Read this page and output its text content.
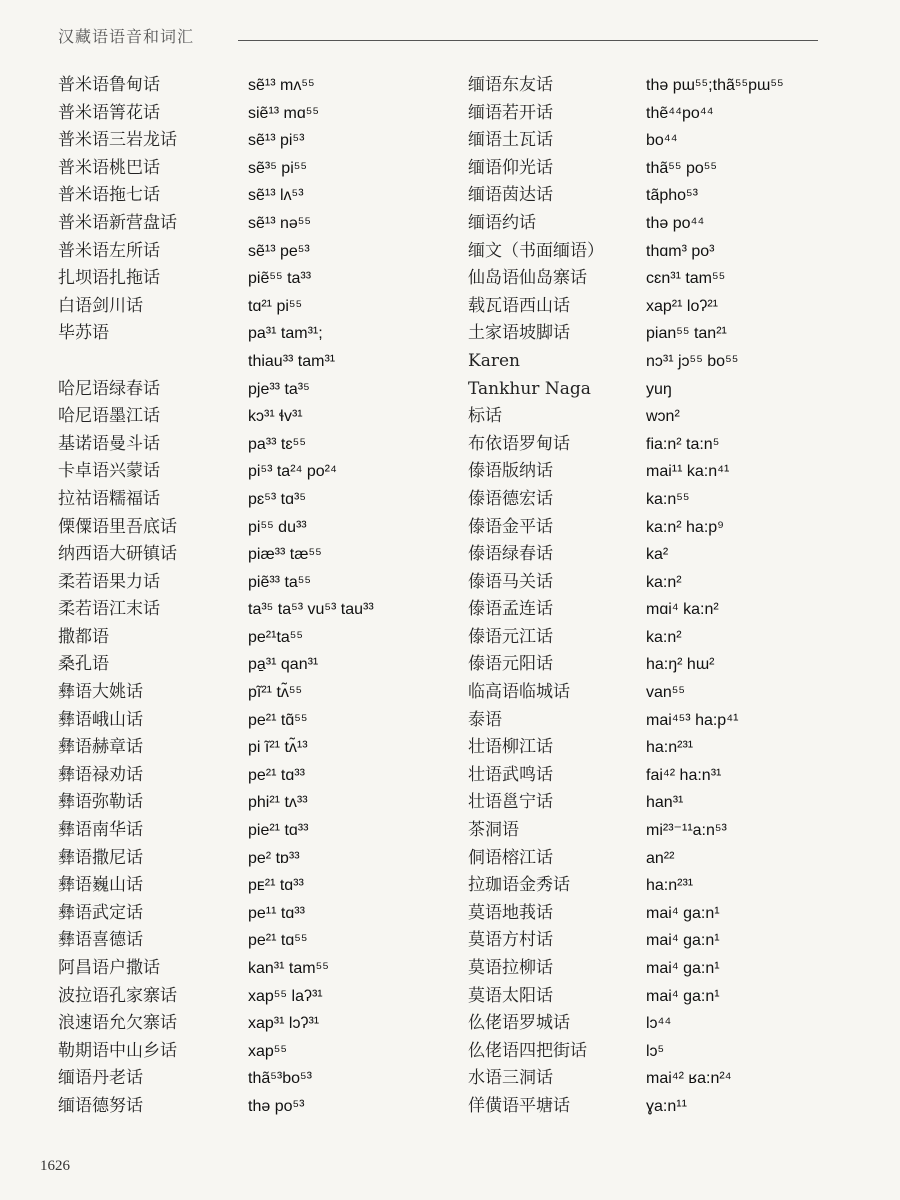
汉藏语语音和词汇
普米语鲁甸话	sẽ¹³ mʌ⁵⁵
普米语箐花话	siẽ¹³ mɑ⁵⁵
普米语三岩龙话	sẽ¹³ pi⁵³
普米语桃巴话	sẽ³⁵ pi⁵⁵
普米语拖七话	sẽ¹³ lʌ⁵³
普米语新营盘话	sẽ¹³ nə⁵⁵
普米语左所话	sẽ¹³ pe⁵³
扎坝语扎拖话	piẽ⁵⁵ ta³³
白语剑川话	tɑ²¹ pi⁵⁵
毕苏语	pa³¹ tam³¹;
thiau³³ tam³¹
哈尼语绿春话	pje³³ ta³⁵
哈尼语墨江话	kɔ³¹ ɬv³¹
基诺语曼斗话	pa³³ tɛ⁵⁵
卡卓语兴蒙话	pi⁵³ ta²⁴ po²⁴
拉祜语糯福话	pɛ⁵³ tɑ³⁵
傈僳语里吾底话	pi⁵⁵ du³³
纳西语大研镇话	piæ³³ tæ⁵⁵
柔若语果力话	piẽ³³ ta⁵⁵
柔若语江末话	ta³⁵ ta⁵³ vu⁵³ tau³³
撒都语	pe²¹ta⁵⁵
桑孔语	pa̱³¹ qan³¹
彝语大姚话	pĩ²¹ tʌ̃⁵⁵
彝语峨山话	pe²¹ tɑ̃⁵⁵
彝语赫章话	pi ĩ²¹ tʌ̃¹³
彝语禄劝话	pe²¹ tɑ³³
彝语弥勒话	phi²¹ tʌ³³
彝语南华话	pie²¹ tɑ³³
彝语撒尼话	pe² tɒ³³
彝语巍山话	pᴇ²¹ tɑ³³
彝语武定话	pe¹¹ tɑ³³
彝语喜德话	pe²¹ tɑ⁵⁵
阿昌语户撒话	kan³¹ tam⁵⁵
波拉语孔家寨话	xap⁵⁵ laʔ³¹
浪速语允欠寨话	xap³¹ lɔʔ³¹
勒期语中山乡话	xap⁵⁵
缅语丹老话	thã⁵³bo⁵³
缅语德努话	thə po⁵³
缅语东友话	thə pɯ⁵⁵;thã⁵⁵pɯ⁵⁵
缅语若开话	thẽ⁴⁴po⁴⁴
缅语土瓦话	bo⁴⁴
缅语仰光话	thã⁵⁵ po⁵⁵
缅语茵达话	tãpho⁵³
缅语约话	thə po⁴⁴
缅文（书面缅语）	thɑm³ po³
仙岛语仙岛寨话	cɛn³¹ tam⁵⁵
载瓦语西山话	xap²¹ loʔ²¹
土家语坡脚话	pian⁵⁵ tan²¹
Karen	nɔ³¹ jɔ⁵⁵ bo⁵⁵
Tankhur Naga	yuŋ
标话	wɔn²
布依语罗甸话	fia:n² ta:n⁵
傣语版纳话	mai¹¹ ka:n⁴¹
傣语德宏话	ka:n⁵⁵
傣语金平话	ka:n² ha:p⁹
傣语绿春话	ka²
傣语马关话	ka:n²
傣语孟连话	mɑi⁴ ka:n²
傣语元江话	ka:n²
傣语元阳话	ha:ŋ² hɯ²
临高语临城话	van⁵⁵
泰语	mai⁴⁵³ ha:p⁴¹
壮语柳江话	ha:n²³¹
壮语武鸣话	fai⁴² ha:n³¹
壮语邕宁话	han³¹
茶洞语	mi²³⁻¹¹a:n⁵³
侗语榕江话	an²²
拉珈语金秀话	ha:n²³¹
莫语地莪话	mai⁴ ga:n¹
莫语方村话	mai⁴ ga:n¹
莫语拉柳话	mai⁴ ga:n¹
莫语太阳话	mai⁴ ga:n¹
仫佬语罗城话	lɔ⁴⁴
仫佬语四把街话	lɔ⁵
水语三洞话	mai⁴² ʁa:n²⁴
佯僙语平塘话	ɣa:n¹¹
1626
